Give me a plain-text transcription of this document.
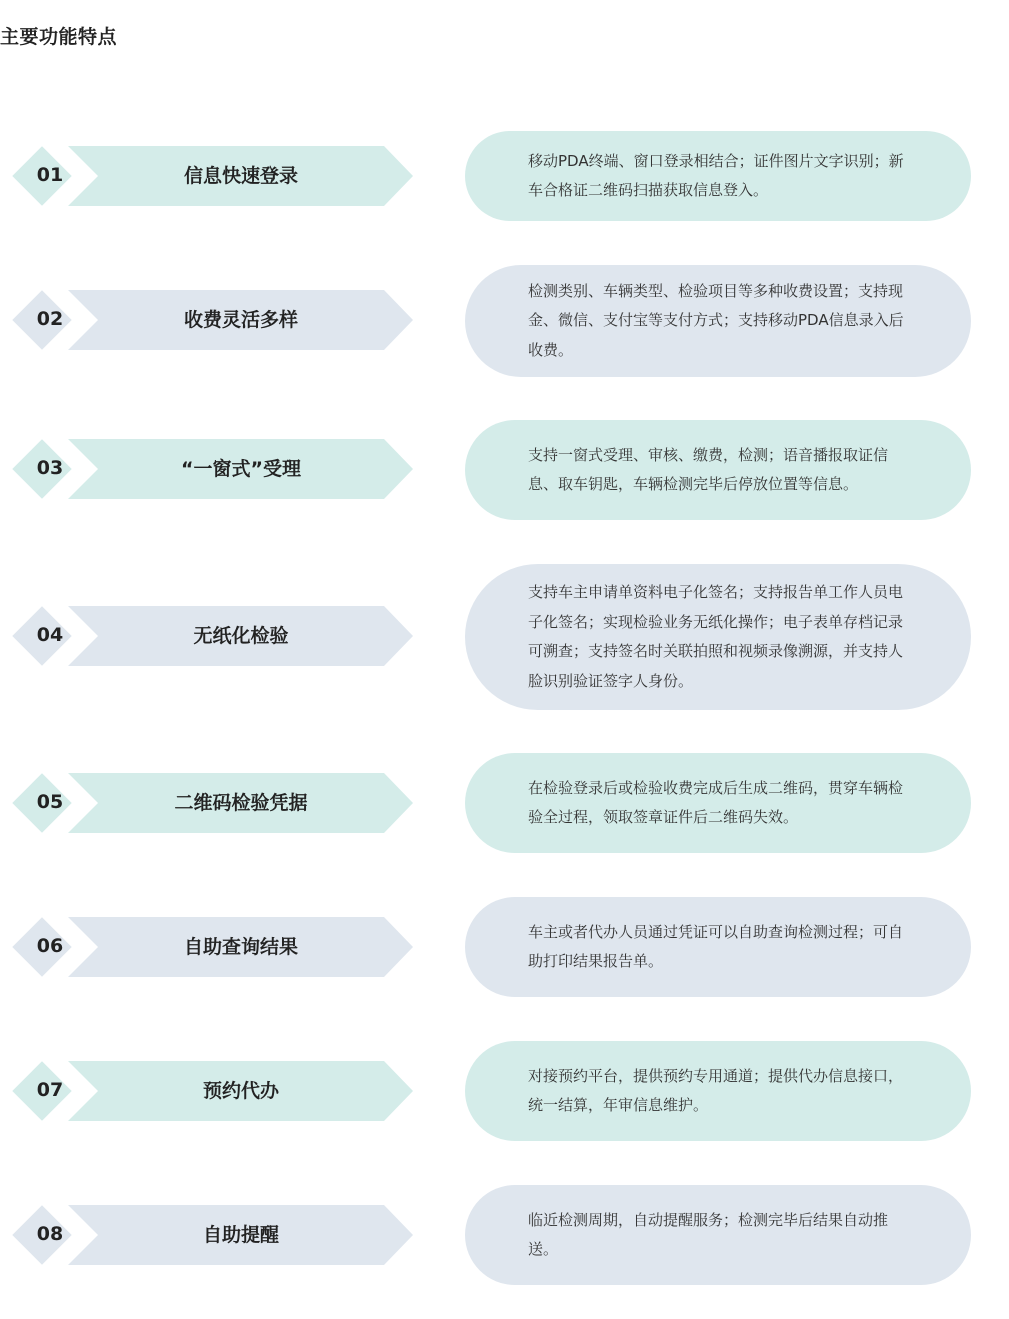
主要功能特点
01	信息快速登录
移动PDA终端、窗口登录相结合；证件图片文字识别；新车合格证二维码扫描获取信息登入。
02	收费灵活多样
检测类别、车辆类型、检验项目等多种收费设置；支持现金、微信、支付宝等支付方式；支持移动PDA信息录入后收费。
03	“一窗式”受理
支持一窗式受理、审核、缴费，检测；语音播报取证信息、取车钥匙，车辆检测完毕后停放位置等信息。
04	无纸化检验
支持车主申请单资料电子化签名；支持报告单工作人员电子化签名；实现检验业务无纸化操作；电子表单存档记录可溯查；支持签名时关联拍照和视频录像溯源，并支持人脸识别验证签字人身份。
05	二维码检验凭据
在检验登录后或检验收费完成后生成二维码，贯穿车辆检验全过程，领取签章证件后二维码失效。
06	自助查询结果
车主或者代办人员通过凭证可以自助查询检测过程；可自助打印结果报告单。
07	预约代办
对接预约平台，提供预约专用通道；提供代办信息接口，统一结算，年审信息维护。
08	自助提醒
临近检测周期，自动提醒服务；检测完毕后结果自动推送。
